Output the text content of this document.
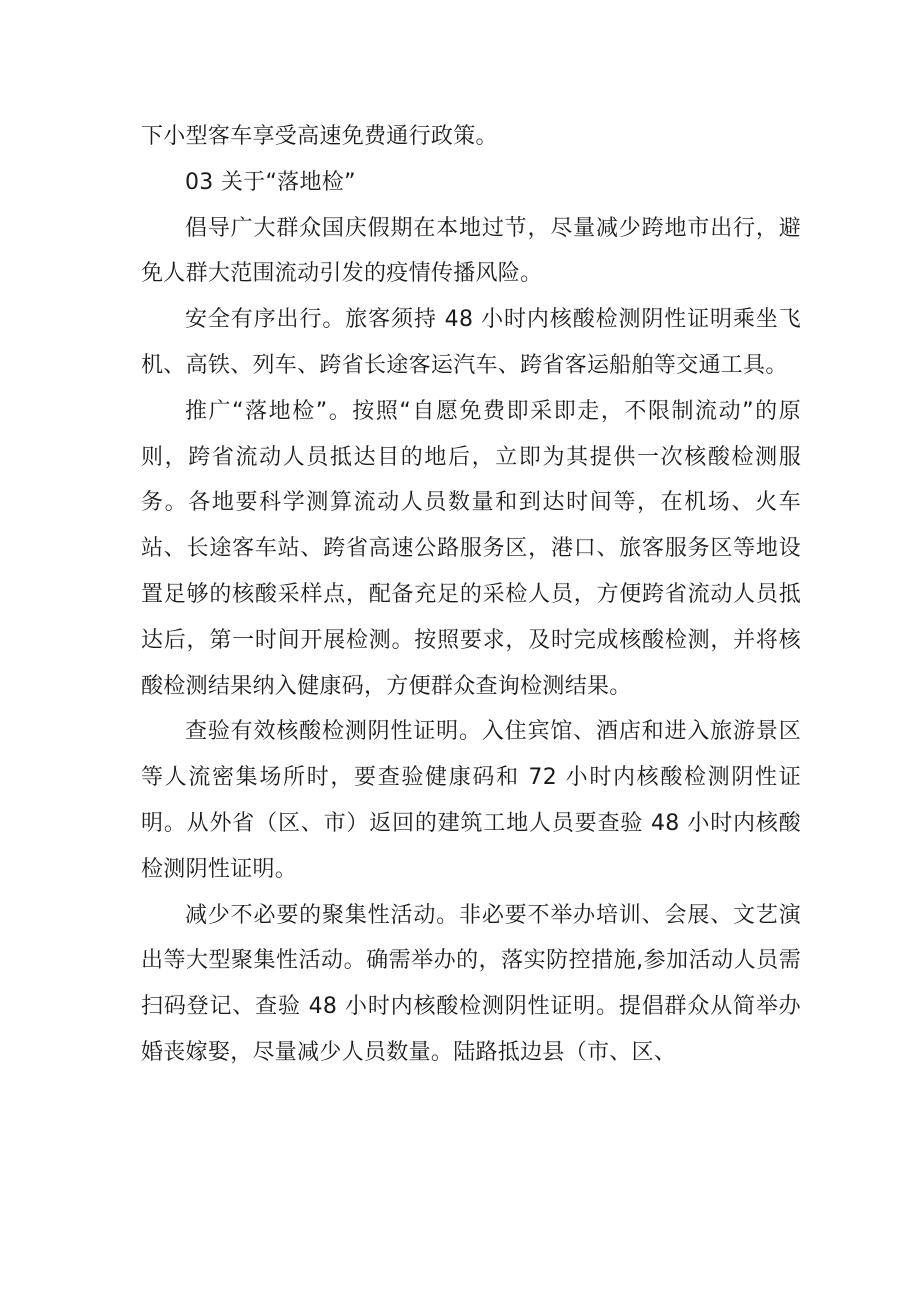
下小型客车享受高速免费通行政策。

03 关于“落地检”

倡导广大群众国庆假期在本地过节，尽量减少跨地市出行，避免人群大范围流动引发的疫情传播风险。

安全有序出行。旅客须持 48 小时内核酸检测阴性证明乘坐飞机、高铁、列车、跨省长途客运汽车、跨省客运船舶等交通工具。

推广“落地检”。按照“自愿免费即采即走，不限制流动”的原则，跨省流动人员抵达目的地后，立即为其提供一次核酸检测服务。各地要科学测算流动人员数量和到达时间等，在机场、火车站、长途客车站、跨省高速公路服务区，港口、旅客服务区等地设置足够的核酸采样点，配备充足的采检人员，方便跨省流动人员抵达后，第一时间开展检测。按照要求，及时完成核酸检测，并将核酸检测结果纳入健康码，方便群众查询检测结果。

查验有效核酸检测阴性证明。入住宾馆、酒店和进入旅游景区等人流密集场所时，要查验健康码和 72 小时内核酸检测阴性证明。从外省（区、市）返回的建筑工地人员要查验 48 小时内核酸检测阴性证明。

减少不必要的聚集性活动。非必要不举办培训、会展、文艺演出等大型聚集性活动。确需举办的，落实防控措施,参加活动人员需扫码登记、查验 48 小时内核酸检测阴性证明。提倡群众从简举办婚丧嫁娶，尽量减少人员数量。陆路抵边县（市、区、
